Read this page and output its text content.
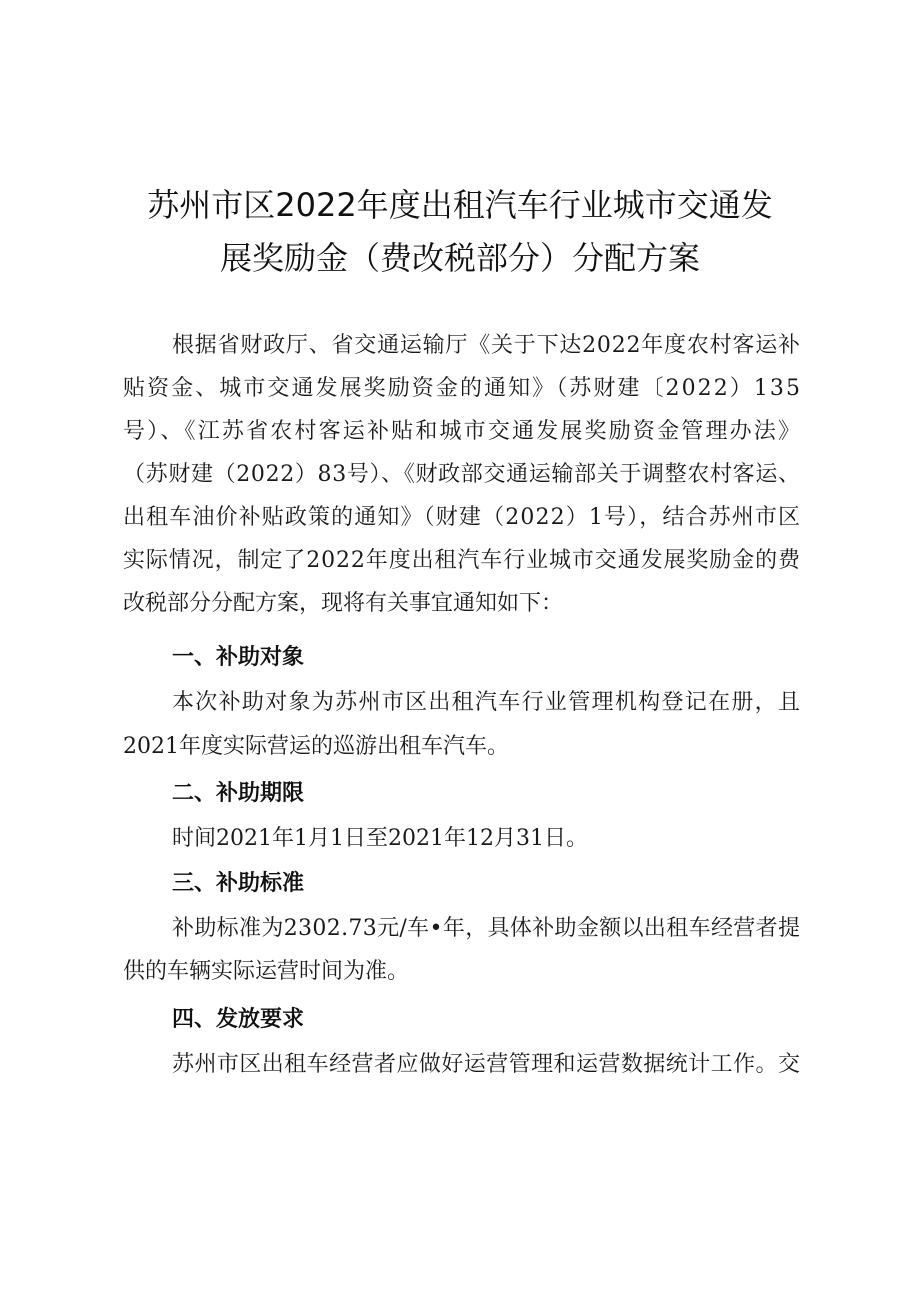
苏州市区2022年度出租汽车行业城市交通发
展奖励金（费改税部分）分配方案
根据省财政厅、省交通运输厅《关于下达2022年度农村客运补
贴资金、城市交通发展奖励资金的通知》（苏财建〔2022）135
号）、《江苏省农村客运补贴和城市交通发展奖励资金管理办法》
（苏财建（2022）83号）、《财政部交通运输部关于调整农村客运、
出租车油价补贴政策的通知》（财建（2022）1号），结合苏州市区
实际情况，制定了2022年度出租汽车行业城市交通发展奖励金的费
改税部分分配方案，现将有关事宜通知如下：
一、补助对象
本次补助对象为苏州市区出租汽车行业管理机构登记在册，且
2021年度实际营运的巡游出租车汽车。
二、补助期限
时间2021年1月1日至2021年12月31日。
三、补助标准
补助标准为2302.73元/车•年，具体补助金额以出租车经营者提
供的车辆实际运营时间为准。
四、发放要求
苏州市区出租车经营者应做好运营管理和运营数据统计工作。交
